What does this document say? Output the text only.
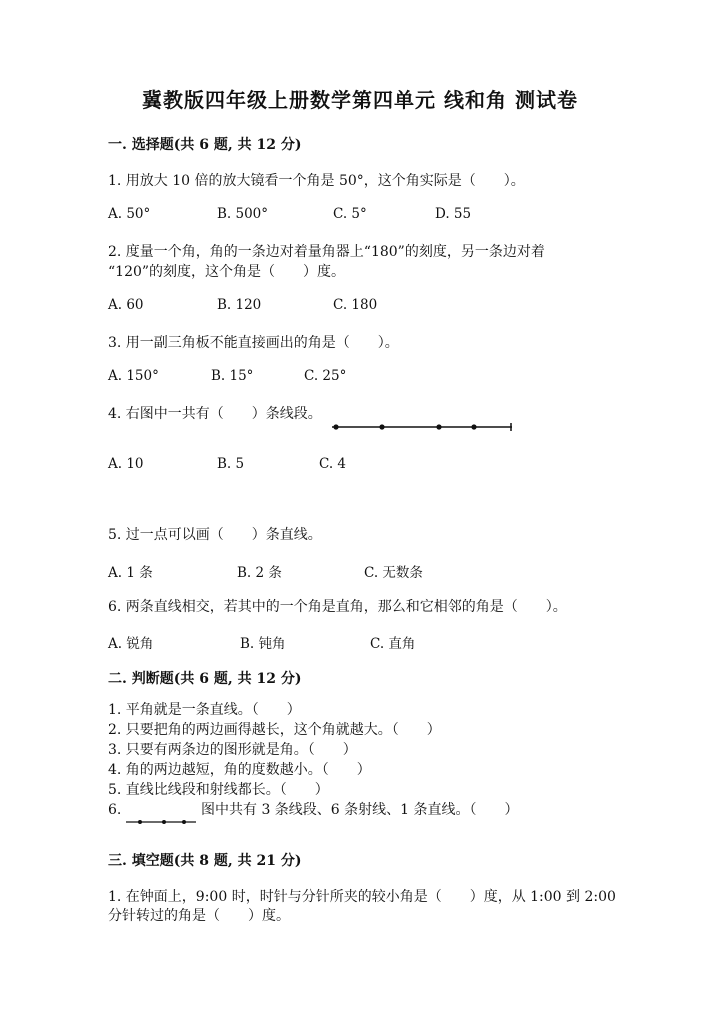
冀教版四年级上册数学第四单元 线和角 测试卷
一. 选择题(共 6 题, 共 12 分)
1. 用放大 10 倍的放大镜看一个角是 50°，这个角实际是（　　）。
A. 50°	B. 500°	C. 5°	D. 55
2. 度量一个角，角的一条边对着量角器上“180”的刻度，另一条边对着
“120”的刻度，这个角是（　　）度。
A. 60	B. 120	C. 180
3. 用一副三角板不能直接画出的角是（　　）。
A. 150°	B. 15°	C. 25°
4. 右图中一共有（　　）条线段。
A. 10	B. 5	C. 4
5. 过一点可以画（　　）条直线。
A. 1 条	B. 2 条	C. 无数条
6. 两条直线相交，若其中的一个角是直角，那么和它相邻的角是（　　）。
A. 锐角	B. 钝角	C. 直角
二. 判断题(共 6 题, 共 12 分)
1. 平角就是一条直线。（　　）
2. 只要把角的两边画得越长，这个角就越大。（　　）
3. 只要有两条边的图形就是角。（　　）
4. 角的两边越短，角的度数越小。（　　）
5. 直线比线段和射线都长。（　　）
6.	图中共有 3 条线段、6 条射线、1 条直线。（　　）
三. 填空题(共 8 题, 共 21 分)
1. 在钟面上，9:00 时，时针与分针所夹的较小角是（　　）度，从 1:00 到 2:00
分针转过的角是（　　）度。
